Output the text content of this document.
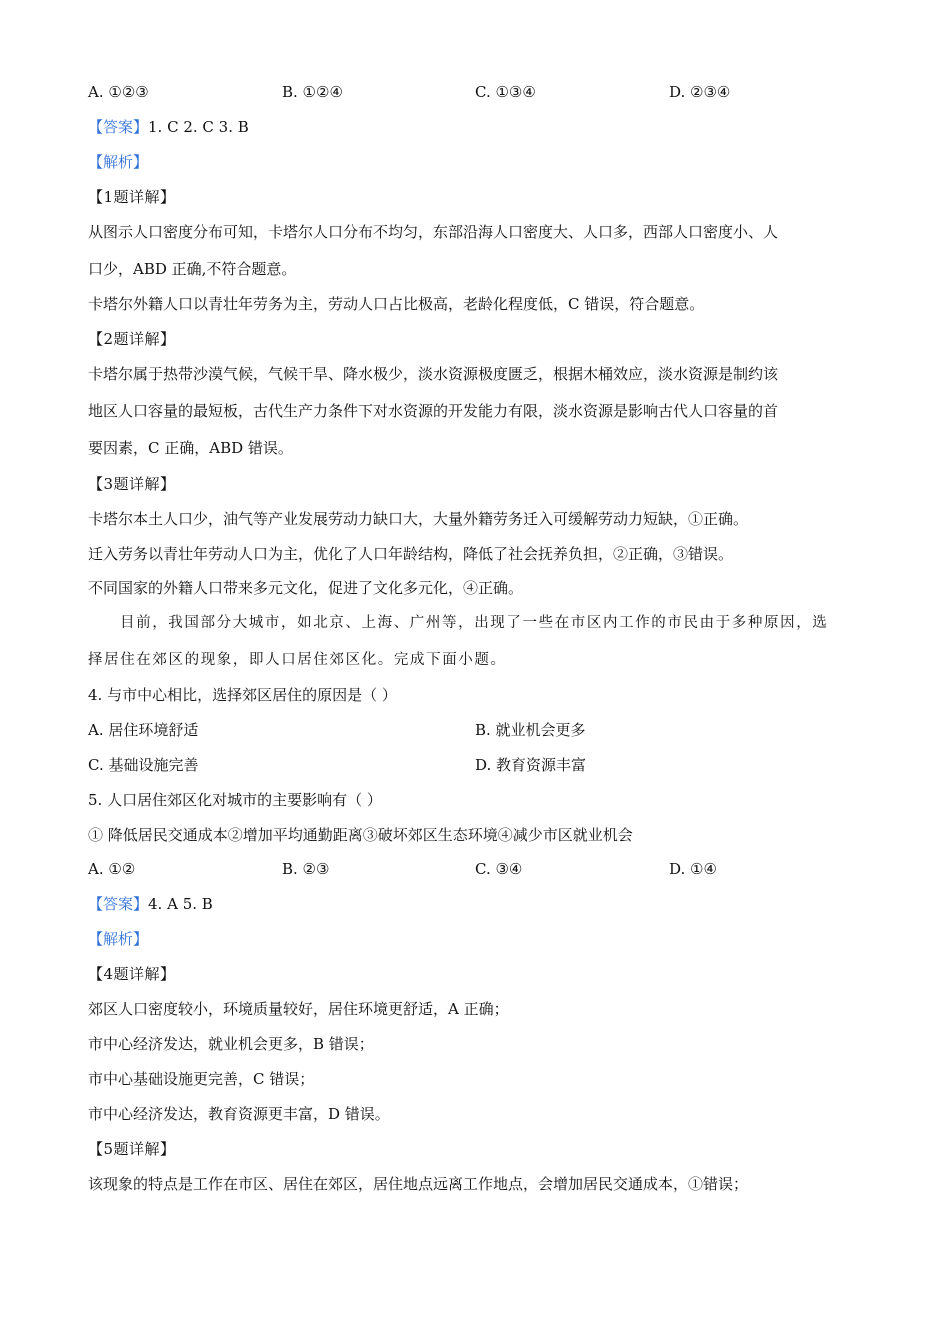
A. ①②③	B. ①②④	C. ①③④	D. ②③④
【答案】1. C 2. C 3. B
【解析】
【1题详解】
从图示人口密度分布可知，卡塔尔人口分布不均匀，东部沿海人口密度大、人口多，西部人口密度小、人
口少，ABD 正确,不符合题意。
卡塔尔外籍人口以青壮年劳务为主，劳动人口占比极高，老龄化程度低，C 错误，符合题意。
【2题详解】
卡塔尔属于热带沙漠气候，气候干旱、降水极少，淡水资源极度匮乏，根据木桶效应，淡水资源是制约该
地区人口容量的最短板，古代生产力条件下对水资源的开发能力有限，淡水资源是影响古代人口容量的首
要因素，C 正确，ABD 错误。
【3题详解】
卡塔尔本土人口少，油气等产业发展劳动力缺口大，大量外籍劳务迁入可缓解劳动力短缺，①正确。
迁入劳务以青壮年劳动人口为主，优化了人口年龄结构，降低了社会抚养负担，②正确，③错误。
不同国家的外籍人口带来多元文化，促进了文化多元化，④正确。
目前，我国部分大城市，如北京、上海、广州等，出现了一些在市区内工作的市民由于多种原因，选
择居住在郊区的现象，即人口居住郊区化。完成下面小题。
4. 与市中心相比，选择郊区居住的原因是（ ）
A. 居住环境舒适	B. 就业机会更多
C. 基础设施完善	D. 教育资源丰富
5. 人口居住郊区化对城市的主要影响有（ ）
① 降低居民交通成本②增加平均通勤距离③破坏郊区生态环境④减少市区就业机会
A. ①②	B. ②③	C. ③④	D. ①④
【答案】4. A 5. B
【解析】
【4题详解】
郊区人口密度较小，环境质量较好，居住环境更舒适，A 正确；
市中心经济发达，就业机会更多，B 错误；
市中心基础设施更完善，C 错误；
市中心经济发达，教育资源更丰富，D 错误。
【5题详解】
该现象的特点是工作在市区、居住在郊区，居住地点远离工作地点，会增加居民交通成本，①错误；
